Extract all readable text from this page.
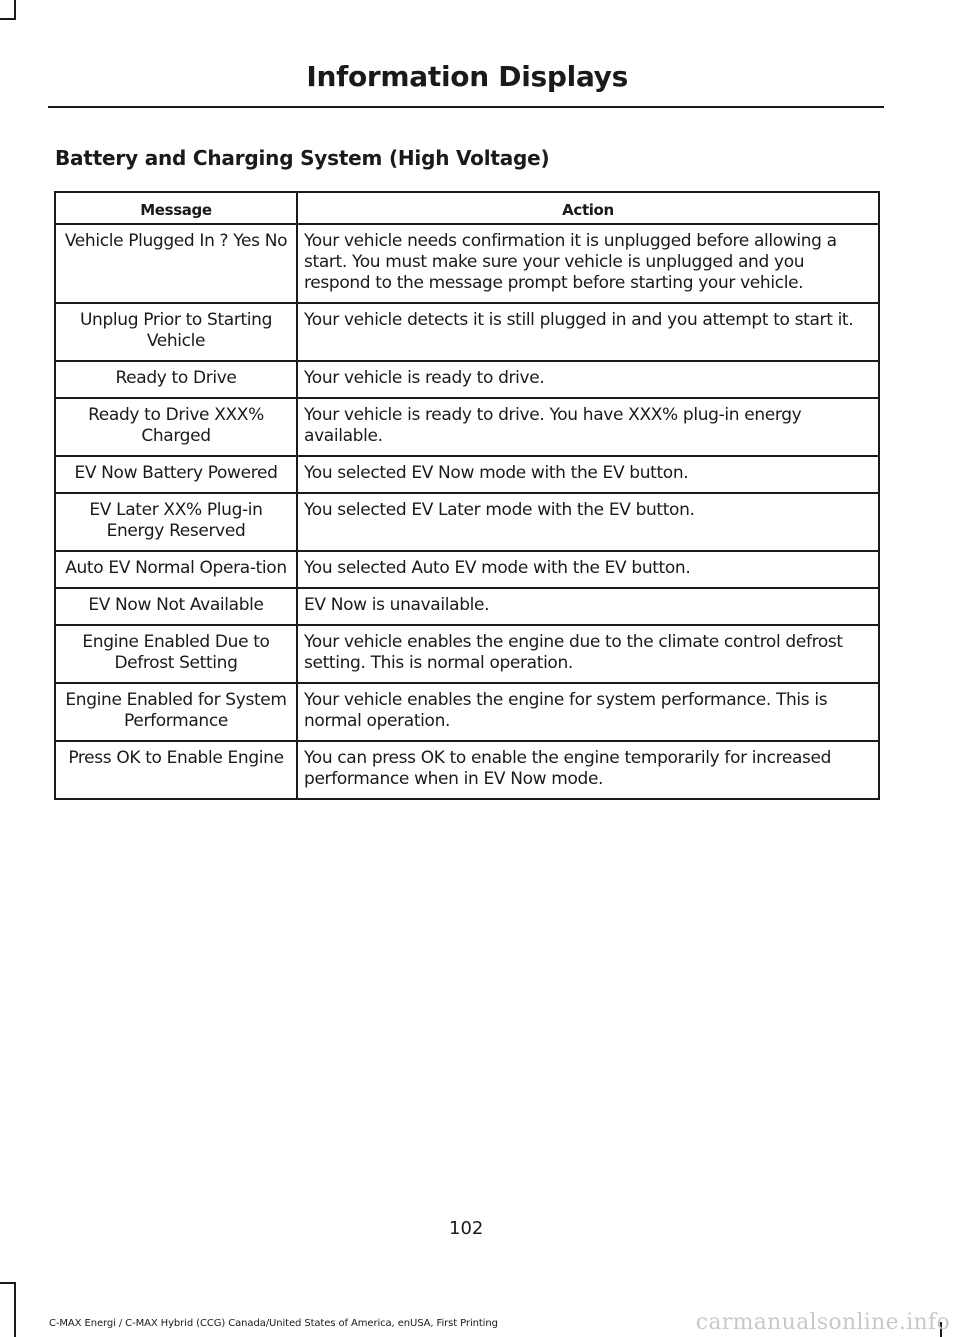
Information Displays
Battery and Charging System (High Voltage)
Message	Action
Vehicle Plugged In ? Yes No	Your vehicle needs confirmation it is unplugged before allowing a start. You must make sure your vehicle is unplugged and you respond to the message prompt before starting your vehicle.
Unplug Prior to Starting Vehicle	Your vehicle detects it is still plugged in and you attempt to start it.
Ready to Drive	Your vehicle is ready to drive.
Ready to Drive XXX% Charged	Your vehicle is ready to drive. You have XXX% plug-in energy available.
EV Now Battery Powered	You selected EV Now mode with the EV button.
EV Later XX% Plug-in Energy Reserved	You selected EV Later mode with the EV button.
Auto EV Normal Opera-tion	You selected Auto EV mode with the EV button.
EV Now Not Available	EV Now is unavailable.
Engine Enabled Due to Defrost Setting	Your vehicle enables the engine due to the climate control defrost setting. This is normal operation.
Engine Enabled for System Performance	Your vehicle enables the engine for system performance. This is normal operation.
Press OK to Enable Engine	You can press OK to enable the engine temporarily for increased performance when in EV Now mode.
102
C-MAX Energi / C-MAX Hybrid (CCG) Canada/United States of America, enUSA, First Printing	carmanualsonline.info
